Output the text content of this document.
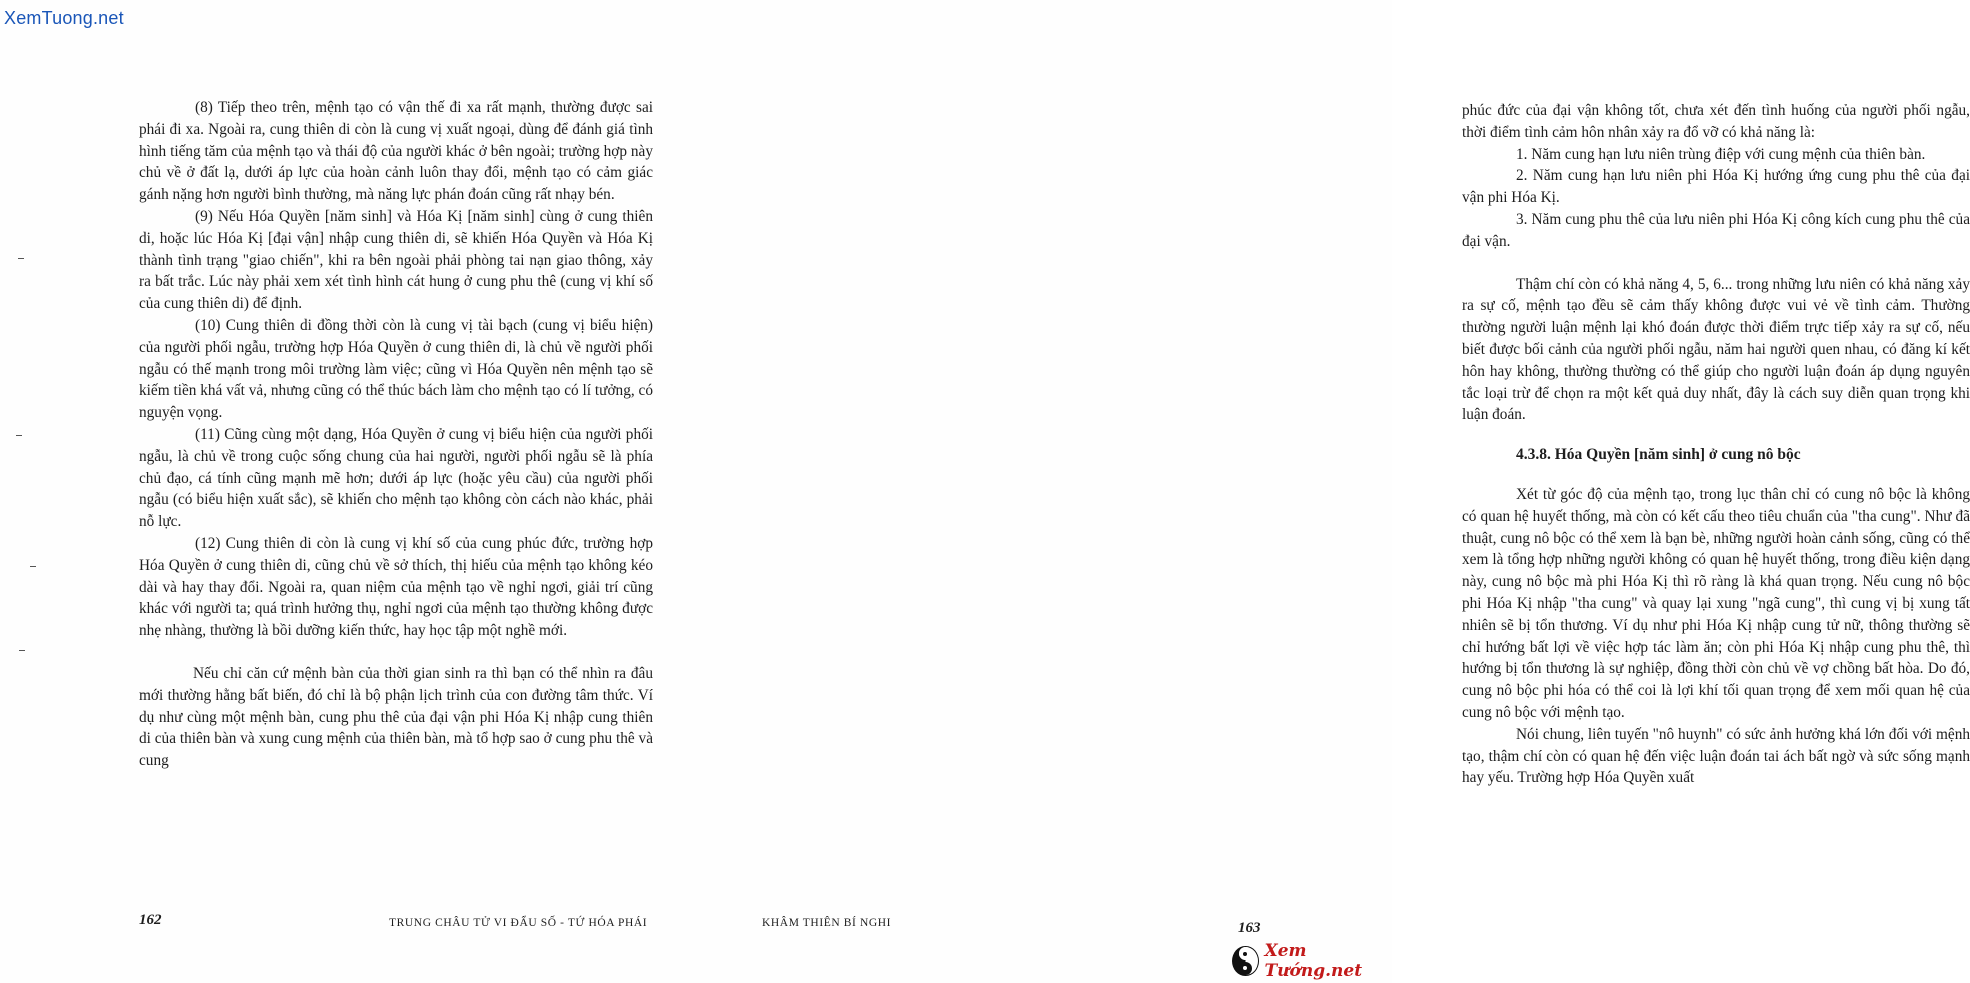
(8) Tiếp theo trên, mệnh tạo có vận thế đi xa rất mạnh, thường được sai phái đi xa. Ngoài ra, cung thiên di còn là cung vị xuất ngoại, dùng để đánh giá tình hình tiếng tăm của mệnh tạo và thái độ của người khác ở bên ngoài; trường hợp này chủ về ở đất lạ, dưới áp lực của hoàn cảnh luôn thay đổi, mệnh tạo có cảm giác gánh nặng hơn người bình thường, mà năng lực phán đoán cũng rất nhạy bén.

(9) Nếu Hóa Quyền [năm sinh] và Hóa Kị [năm sinh] cùng ở cung thiên di, hoặc lúc Hóa Kị [đại vận] nhập cung thiên di, sẽ khiến Hóa Quyền và Hóa Kị thành tình trạng "giao chiến", khi ra bên ngoài phải phòng tai nạn giao thông, xảy ra bất trắc. Lúc này phải xem xét tình hình cát hung ở cung phu thê (cung vị khí số của cung thiên di) để định.

(10) Cung thiên di đồng thời còn là cung vị tài bạch (cung vị biểu hiện) của người phối ngẫu, trường hợp Hóa Quyền ở cung thiên di, là chủ về người phối ngẫu có thế mạnh trong môi trường làm việc; cũng vì Hóa Quyền nên mệnh tạo sẽ kiếm tiền khá vất vả, nhưng cũng có thể thúc bách làm cho mệnh tạo có lí tưởng, có nguyện vọng.

(11) Cũng cùng một dạng, Hóa Quyền ở cung vị biểu hiện của người phối ngẫu, là chủ về trong cuộc sống chung của hai người, người phối ngẫu sẽ là phía chủ đạo, cá tính cũng mạnh mẽ hơn; dưới áp lực (hoặc yêu cầu) của người phối ngẫu (có biểu hiện xuất sắc), sẽ khiến cho mệnh tạo không còn cách nào khác, phải nỗ lực.

(12) Cung thiên di còn là cung vị khí số của cung phúc đức, trường hợp Hóa Quyền ở cung thiên di, cũng chủ về sở thích, thị hiếu của mệnh tạo không kéo dài và hay thay đổi. Ngoài ra, quan niệm của mệnh tạo về nghỉ ngơi, giải trí cũng khác với người ta; quá trình hưởng thụ, nghỉ ngơi của mệnh tạo thường không được nhẹ nhàng, thường là bồi dưỡng kiến thức, hay học tập một nghề mới.

Nếu chỉ căn cứ mệnh bàn của thời gian sinh ra thì bạn có thể nhìn ra đâu mới thường hằng bất biến, đó chỉ là bộ phận lịch trình của con đường tâm thức. Ví dụ như cùng một mệnh bàn, cung phu thê của đại vận phi Hóa Kị nhập cung thiên di của thiên bàn và xung cung mệnh của thiên bàn, mà tổ hợp sao ở cung phu thê và cung

162	TRUNG CHÂU TỬ VI ĐẨU SỐ - TỨ HÓA PHÁI

phúc đức của đại vận không tốt, chưa xét đến tình huống của người phối ngẫu, thời điểm tình cảm hôn nhân xảy ra đổ vỡ có khả năng là:

1. Năm cung hạn lưu niên trùng điệp với cung mệnh của thiên bàn.

2. Năm cung hạn lưu niên phi Hóa Kị hướng ứng cung phu thê của đại vận phi Hóa Kị.

3. Năm cung phu thê của lưu niên phi Hóa Kị công kích cung phu thê của đại vận.

Thậm chí còn có khả năng 4, 5, 6... trong những lưu niên có khả năng xảy ra sự cố, mệnh tạo đều sẽ cảm thấy không được vui vẻ về tình cảm. Thường thường người luận mệnh lại khó đoán được thời điểm trực tiếp xảy ra sự cố, nếu biết được bối cảnh của người phối ngẫu, năm hai người quen nhau, có đăng kí kết hôn hay không, thường thường có thể giúp cho người luận đoán áp dụng nguyên tắc loại trừ để chọn ra một kết quả duy nhất, đây là cách suy diễn quan trọng khi luận đoán.

4.3.8. Hóa Quyền [năm sinh] ở cung nô bộc

Xét từ góc độ của mệnh tạo, trong lục thân chỉ có cung nô bộc là không có quan hệ huyết thống, mà còn có kết cấu theo tiêu chuẩn của "tha cung". Như đã thuật, cung nô bộc có thể xem là bạn bè, những người hoàn cảnh sống, cũng có thể xem là tổng hợp những người không có quan hệ huyết thống, trong điều kiện dạng này, cung nô bộc mà phi Hóa Kị thì rõ ràng là khá quan trọng. Nếu cung nô bộc phi Hóa Kị nhập "tha cung" và quay lại xung "ngã cung", thì cung vị bị xung tất nhiên sẽ bị tổn thương. Ví dụ như phi Hóa Kị nhập cung tử nữ, thông thường sẽ chỉ hướng bất lợi về việc hợp tác làm ăn; còn phi Hóa Kị nhập cung phu thê, thì hướng bị tổn thương là sự nghiệp, đồng thời còn chủ về vợ chồng bất hòa. Do đó, cung nô bộc phi hóa có thể coi là lợi khí tối quan trọng để xem mối quan hệ của cung nô bộc với mệnh tạo.

Nói chung, liên tuyến "nô huynh" có sức ảnh hưởng khá lớn đối với mệnh tạo, thậm chí còn có quan hệ đến việc luận đoán tai ách bất ngờ và sức sống mạnh hay yếu. Trường hợp Hóa Quyền xuất

KHÂM THIÊN BÍ NGHI	163
XemTuong.net
Xem Tướng.net
